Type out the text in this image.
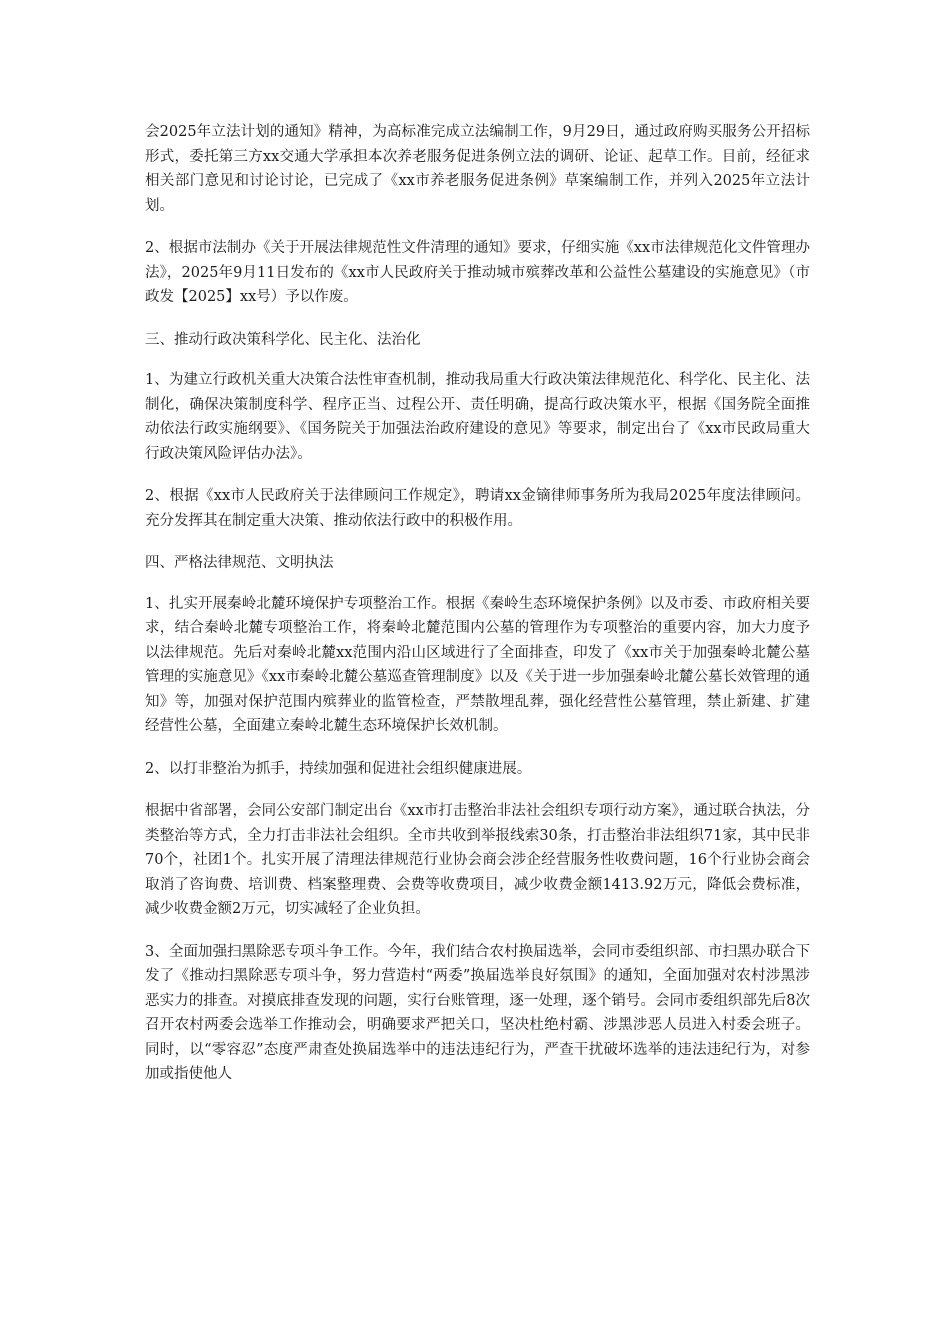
会2025年立法计划的通知》精神，为高标准完成立法编制工作，9月29日，通过政府购买服务公开招标形式，委托第三方xx交通大学承担本次养老服务促进条例立法的调研、论证、起草工作。目前，经征求相关部门意见和讨论讨论，已完成了《xx市养老服务促进条例》草案编制工作，并列入2025年立法计划。

2、根据市法制办《关于开展法律规范性文件清理的通知》要求，仔细实施《xx市法律规范化文件管理办法》，2025年9月11日发布的《xx市人民政府关于推动城市殡葬改革和公益性公墓建设的实施意见》（市政发【2025】xx号）予以作废。

三、推动行政决策科学化、民主化、法治化

1、为建立行政机关重大决策合法性审查机制，推动我局重大行政决策法律规范化、科学化、民主化、法制化，确保决策制度科学、程序正当、过程公开、责任明确，提高行政决策水平，根据《国务院全面推动依法行政实施纲要》、《国务院关于加强法治政府建设的意见》等要求，制定出台了《xx市民政局重大行政决策风险评估办法》。

2、根据《xx市人民政府关于法律顾问工作规定》，聘请xx金镝律师事务所为我局2025年度法律顾问。充分发挥其在制定重大决策、推动依法行政中的积极作用。

四、严格法律规范、文明执法

1、扎实开展秦岭北麓环境保护专项整治工作。根据《秦岭生态环境保护条例》以及市委、市政府相关要求，结合秦岭北麓专项整治工作，将秦岭北麓范围内公墓的管理作为专项整治的重要内容，加大力度予以法律规范。先后对秦岭北麓xx范围内沿山区域进行了全面排查，印发了《xx市关于加强秦岭北麓公墓管理的实施意见》《xx市秦岭北麓公墓巡查管理制度》以及《关于进一步加强秦岭北麓公墓长效管理的通知》等，加强对保护范围内殡葬业的监管检查，严禁散埋乱葬，强化经营性公墓管理，禁止新建、扩建经营性公墓，全面建立秦岭北麓生态环境保护长效机制。

2、以打非整治为抓手，持续加强和促进社会组织健康进展。

根据中省部署，会同公安部门制定出台《xx市打击整治非法社会组织专项行动方案》，通过联合执法，分类整治等方式，全力打击非法社会组织。全市共收到举报线索30条，打击整治非法组织71家，其中民非70个，社团1个。扎实开展了清理法律规范行业协会商会涉企经营服务性收费问题，16个行业协会商会取消了咨询费、培训费、档案整理费、会费等收费项目，减少收费金额1413.92万元，降低会费标准，减少收费金额2万元，切实减轻了企业负担。

3、全面加强扫黑除恶专项斗争工作。今年，我们结合农村换届选举，会同市委组织部、市扫黑办联合下发了《推动扫黑除恶专项斗争，努力营造村“两委”换届选举良好氛围》的通知，全面加强对农村涉黑涉恶实力的排查。对摸底排查发现的问题，实行台账管理，逐一处理，逐个销号。会同市委组织部先后8次召开农村两委会选举工作推动会，明确要求严把关口，坚决杜绝村霸、涉黑涉恶人员进入村委会班子。同时，以“零容忍”态度严肃查处换届选举中的违法违纪行为，严查干扰破坏选举的违法违纪行为，对参加或指使他人
